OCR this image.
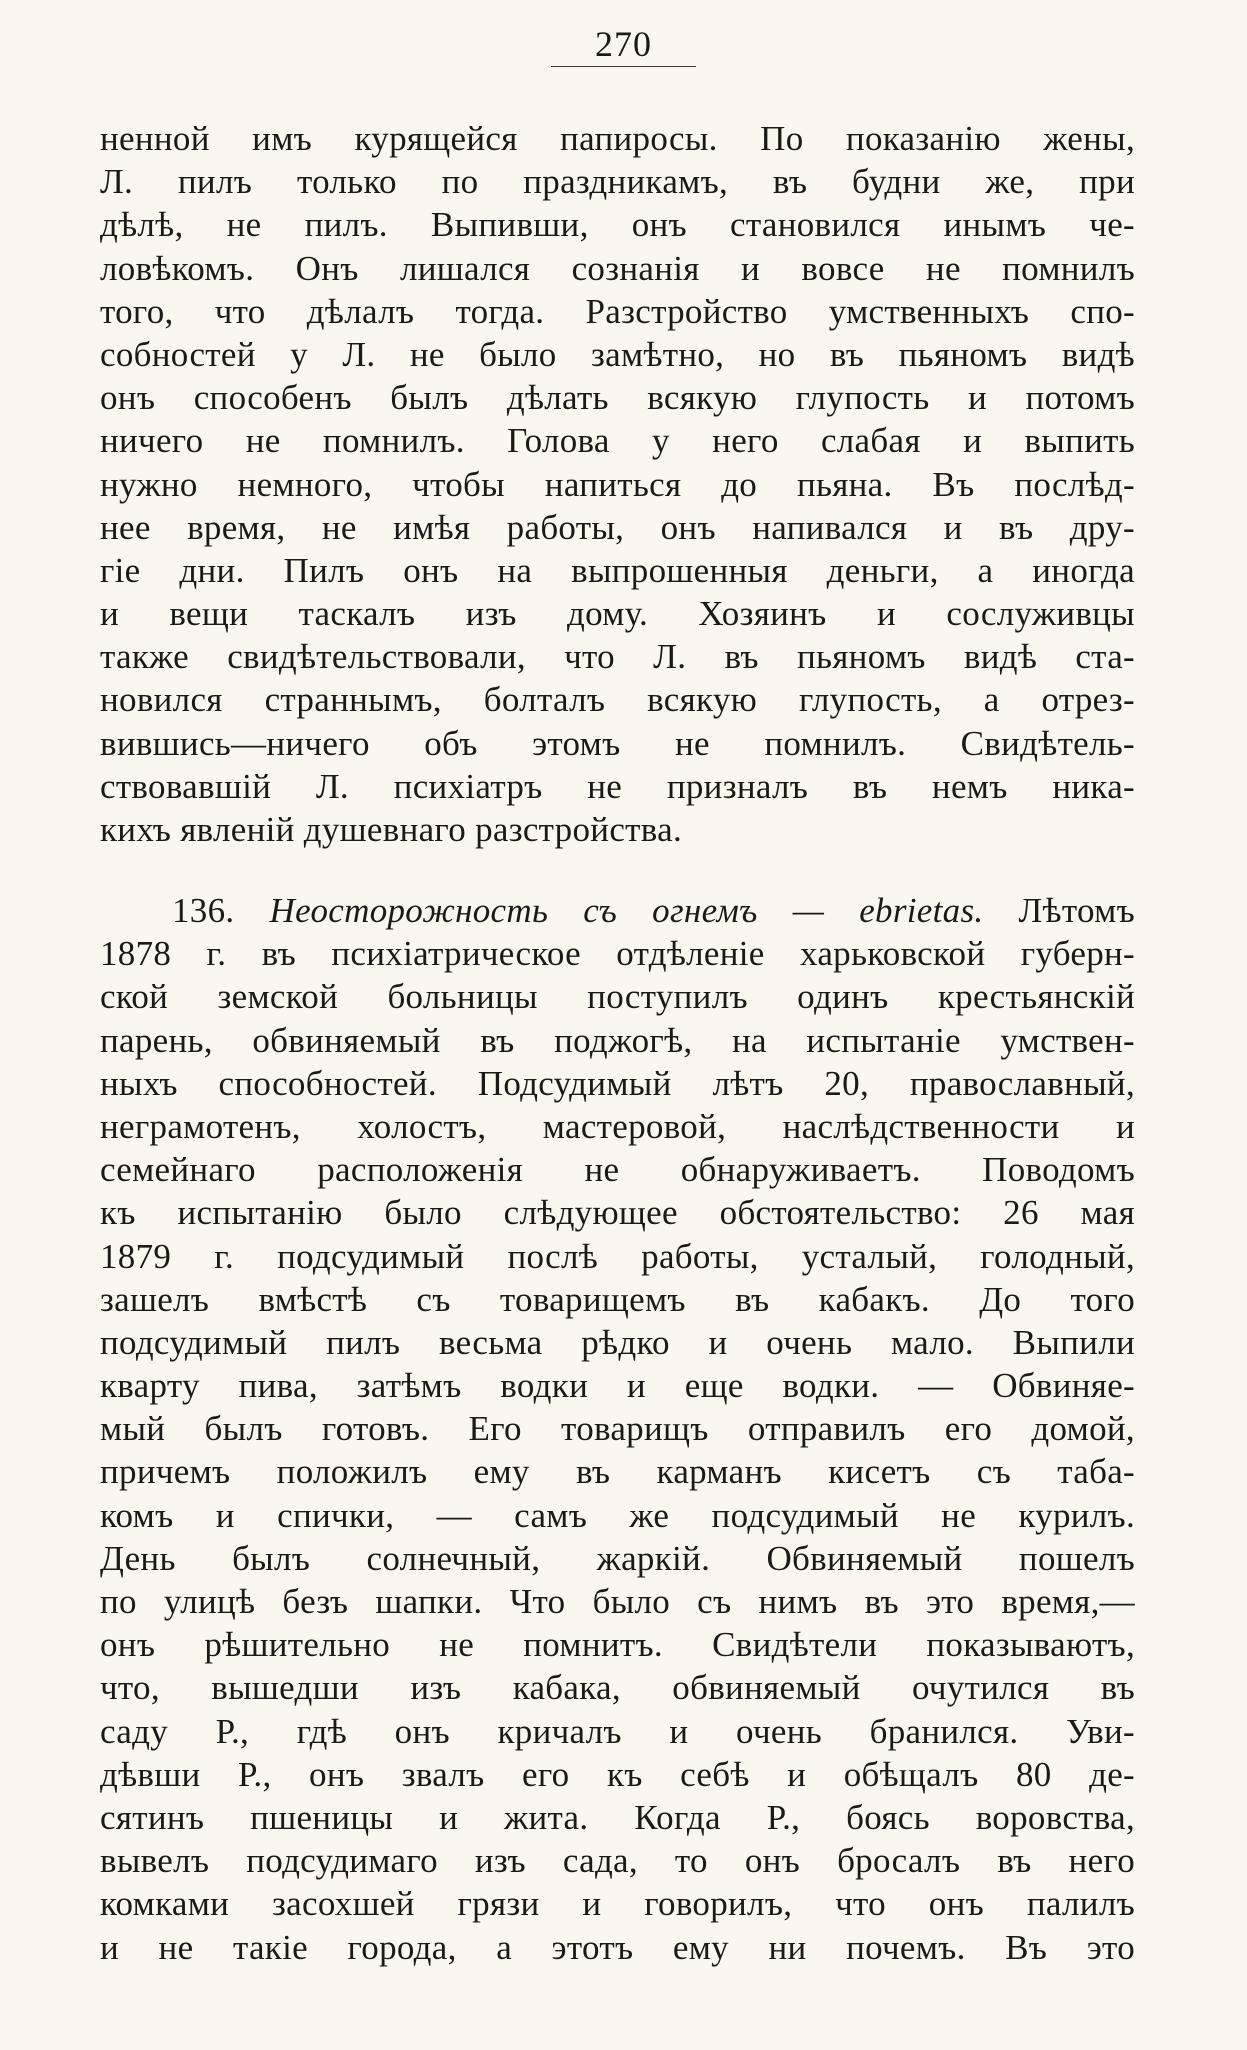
270
ненной имъ курящейся папиросы. По показанію жены,
Л. пилъ только по праздникамъ, въ будни же, при
дѣлѣ, не пилъ. Выпивши, онъ становился инымъ че-
ловѣкомъ. Онъ лишался сознанія и вовсе не помнилъ
того, что дѣлалъ тогда. Разстройство умственныхъ спо-
собностей у Л. не было замѣтно, но въ пьяномъ видѣ
онъ способенъ былъ дѣлать всякую глупость и потомъ
ничего не помнилъ. Голова у него слабая и выпить
нужно немного, чтобы напиться до пьяна. Въ послѣд-
нее время, не имѣя работы, онъ напивался и въ дру-
гіе дни. Пилъ онъ на выпрошенныя деньги, а иногда
и вещи таскалъ изъ дому. Хозяинъ и сослуживцы
также свидѣтельствовали, что Л. въ пьяномъ видѣ ста-
новился страннымъ, болталъ всякую глупость, а отрез-
вившись—ничего объ этомъ не помнилъ. Свидѣтель-
ствовавшій Л. психіатръ не призналъ въ немъ ника-
кихъ явленій душевнаго разстройства.
136. Неосторожность съ огнемъ — ebrietas. Лѣтомъ
1878 г. въ психіатрическое отдѣленіе харьковской губерн-
ской земской больницы поступилъ одинъ крестьянскій
парень, обвиняемый въ поджогѣ, на испытаніе умствен-
ныхъ способностей. Подсудимый лѣтъ 20, православный,
неграмотенъ, холостъ, мастеровой, наслѣдственности и
семейнаго расположенія не обнаруживаетъ. Поводомъ
къ испытанію было слѣдующее обстоятельство: 26 мая
1879 г. подсудимый послѣ работы, усталый, голодный,
зашелъ вмѣстѣ съ товарищемъ въ кабакъ. До того
подсудимый пилъ весьма рѣдко и очень мало. Выпили
кварту пива, затѣмъ водки и еще водки. — Обвиняе-
мый былъ готовъ. Его товарищъ отправилъ его домой,
причемъ положилъ ему въ карманъ кисетъ съ таба-
комъ и спички, — самъ же подсудимый не курилъ.
День былъ солнечный, жаркій. Обвиняемый пошелъ
по улицѣ безъ шапки. Что было съ нимъ въ это время,—
онъ рѣшительно не помнитъ. Свидѣтели показываютъ,
что, вышедши изъ кабака, обвиняемый очутился въ
саду Р., гдѣ онъ кричалъ и очень бранился. Уви-
дѣвши Р., онъ звалъ его къ себѣ и обѣщалъ 80 де-
сятинъ пшеницы и жита. Когда Р., боясь воровства,
вывелъ подсудимаго изъ сада, то онъ бросалъ въ него
комками засохшей грязи и говорилъ, что онъ палилъ
и не такіе города, а этотъ ему ни почемъ. Въ это
